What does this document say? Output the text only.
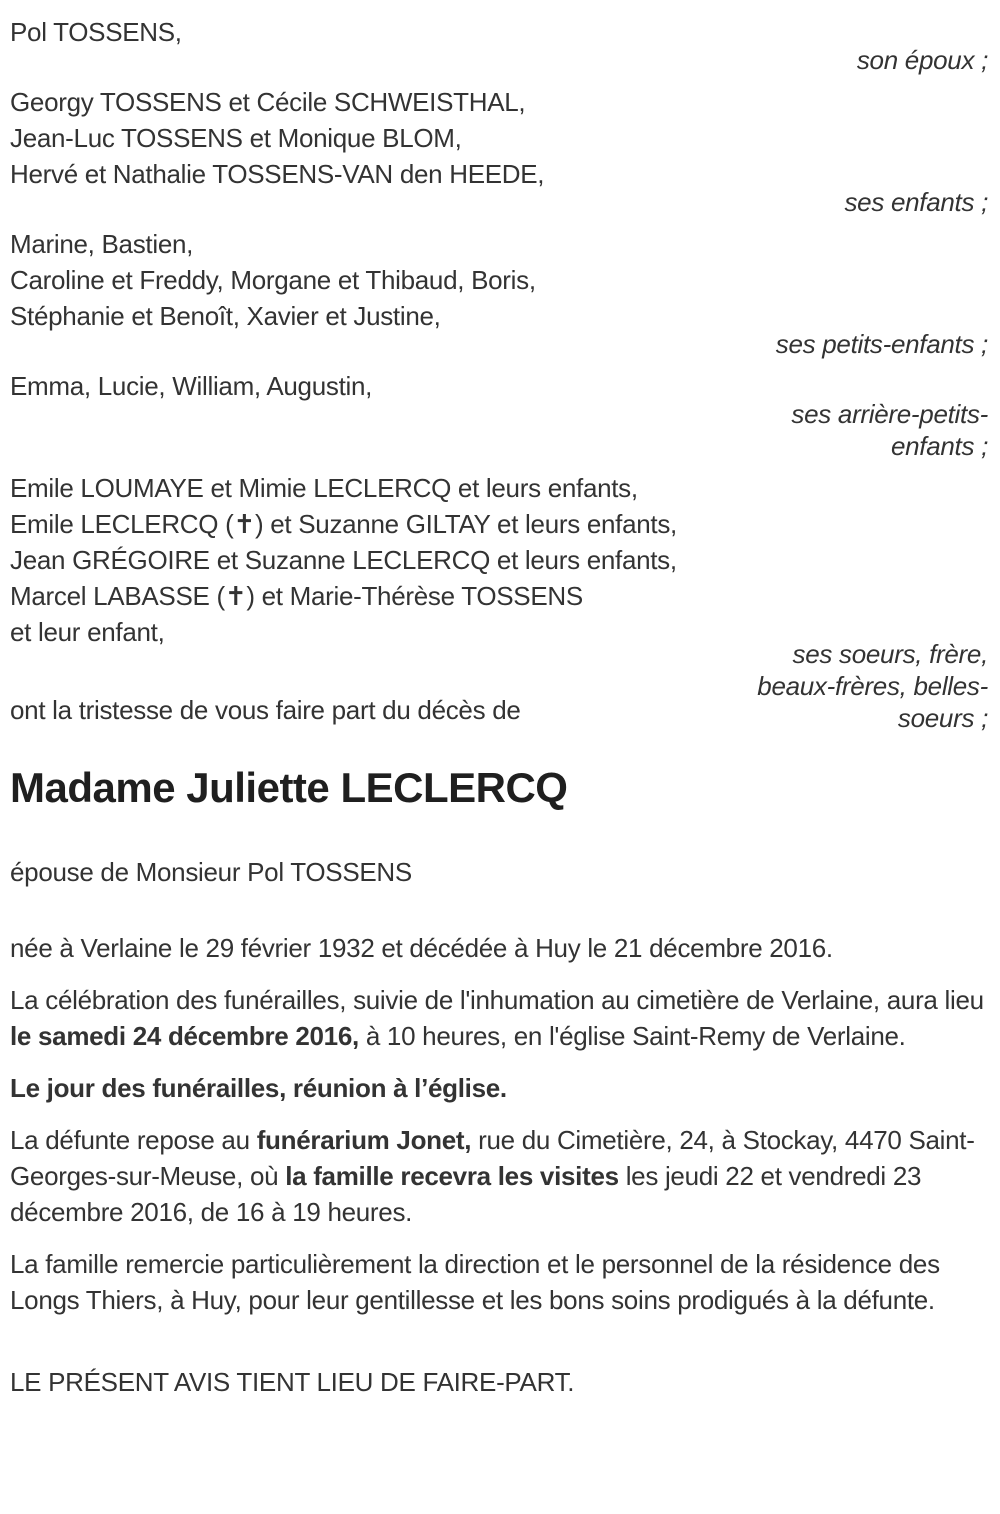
Pol TOSSENS,

son époux ;

Georgy TOSSENS et Cécile SCHWEISTHAL,

Jean-Luc TOSSENS et Monique BLOM,

Hervé et Nathalie TOSSENS-VAN den HEEDE,

ses enfants ;

Marine, Bastien,

Caroline et Freddy, Morgane et Thibaud, Boris,

Stéphanie et Benoît, Xavier et Justine,

ses petits-enfants ;

Emma, Lucie, William, Augustin,

ses arrière-petits-enfants ;

Emile LOUMAYE et Mimie LECLERCQ et leurs enfants,

Emile LECLERCQ (✝) et Suzanne GILTAY et leurs enfants,

Jean GRÉGOIRE et Suzanne LECLERCQ et leurs enfants,

Marcel LABASSE (✝) et Marie-Thérèse TOSSENS

et leur enfant,

ont la tristesse de vous faire part du décès de

ses soeurs, frère, beaux-frères, belles-soeurs ;

Madame Juliette LECLERCQ

épouse de Monsieur Pol TOSSENS

née à Verlaine le 29 février 1932 et décédée à Huy le 21 décembre 2016.

La célébration des funérailles, suivie de l'inhumation au cimetière de Verlaine, aura lieu le samedi 24 décembre 2016, à 10 heures, en l'église Saint-Remy de Verlaine.

Le jour des funérailles, réunion à l’église.

La défunte repose au funérarium Jonet, rue du Cimetière, 24, à Stockay, 4470 Saint-Georges-sur-Meuse, où la famille recevra les visites les jeudi 22 et vendredi 23 décembre 2016, de 16 à 19 heures.

La famille remercie particulièrement la direction et le personnel de la résidence des Longs Thiers, à Huy, pour leur gentillesse et les bons soins prodigués à la défunte.

LE PRÉSENT AVIS TIENT LIEU DE FAIRE-PART.
